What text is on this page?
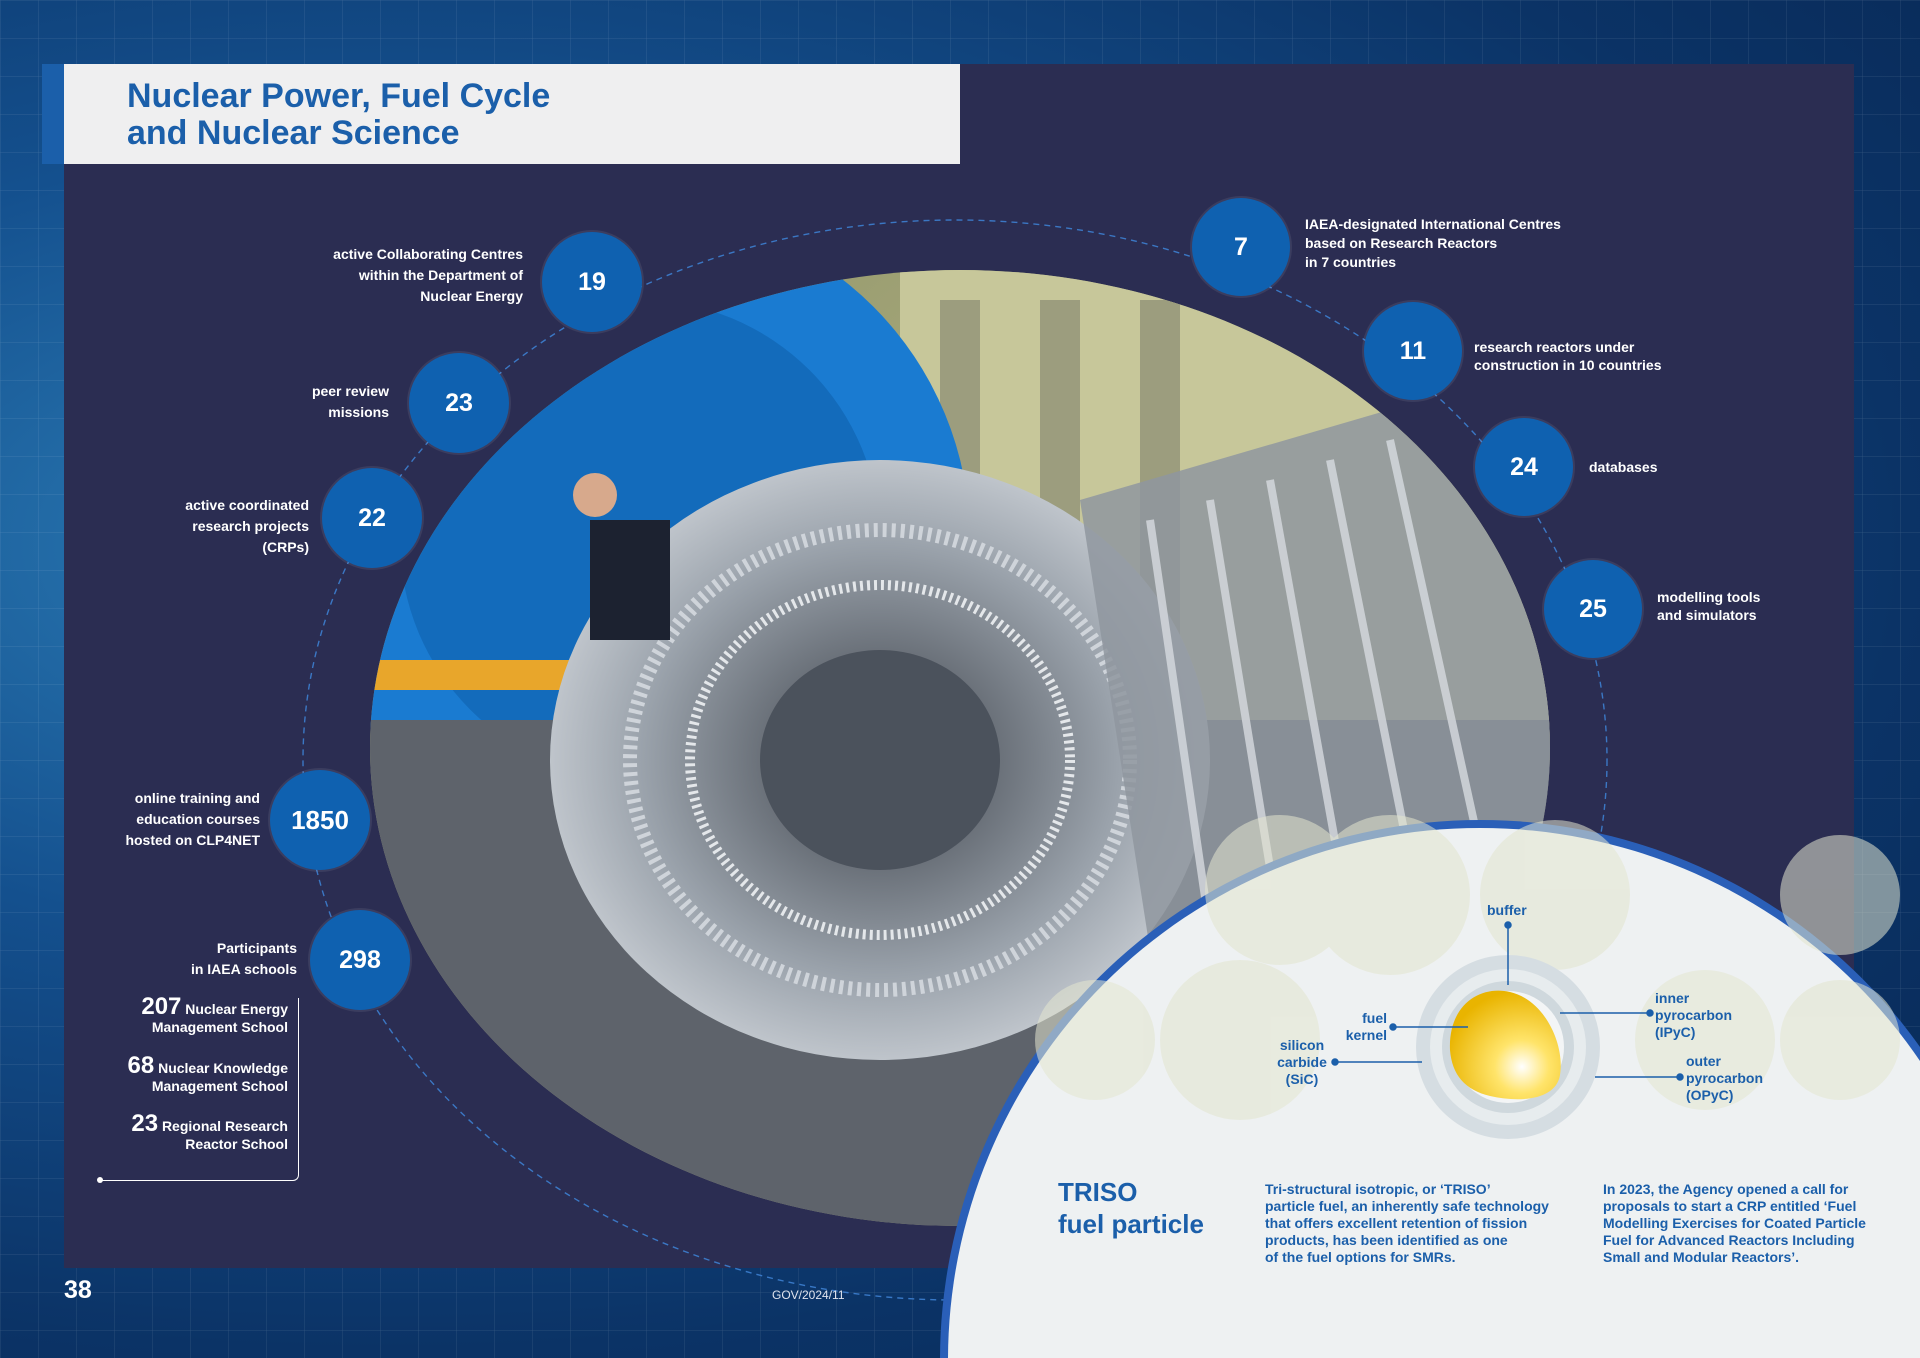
Nuclear Power, Fuel Cycle
and Nuclear Science
19
active Collaborating Centres
within the Department of
Nuclear Energy
23
peer review
missions
22
active coordinated
research projects
(CRPs)
1850
online training and
education courses
hosted on CLP4NET
298
Participants
in IAEA schools
207 Nuclear Energy
Management School
68 Nuclear Knowledge
Management School
23 Regional Research
Reactor School
7
IAEA-designated International Centres
based on Research Reactors
in 7 countries
11	research reactors under
construction in 10 countries
24	databases
25	modelling tools
and simulators
buffer
fuel
kernel
silicon
carbide
(SiC)
inner
pyrocarbon
(IPyC)
outer
pyrocarbon
(OPyC)
TRISO
fuel particle
Tri-structural isotropic, or ‘TRISO’
particle fuel, an inherently safe technology
that offers excellent retention of fission
products, has been identified as one
of the fuel options for SMRs.
In 2023, the Agency opened a call for
proposals to start a CRP entitled ‘Fuel
Modelling Exercises for Coated Particle
Fuel for Advanced Reactors Including
Small and Modular Reactors’.
38	GOV/2024/11
